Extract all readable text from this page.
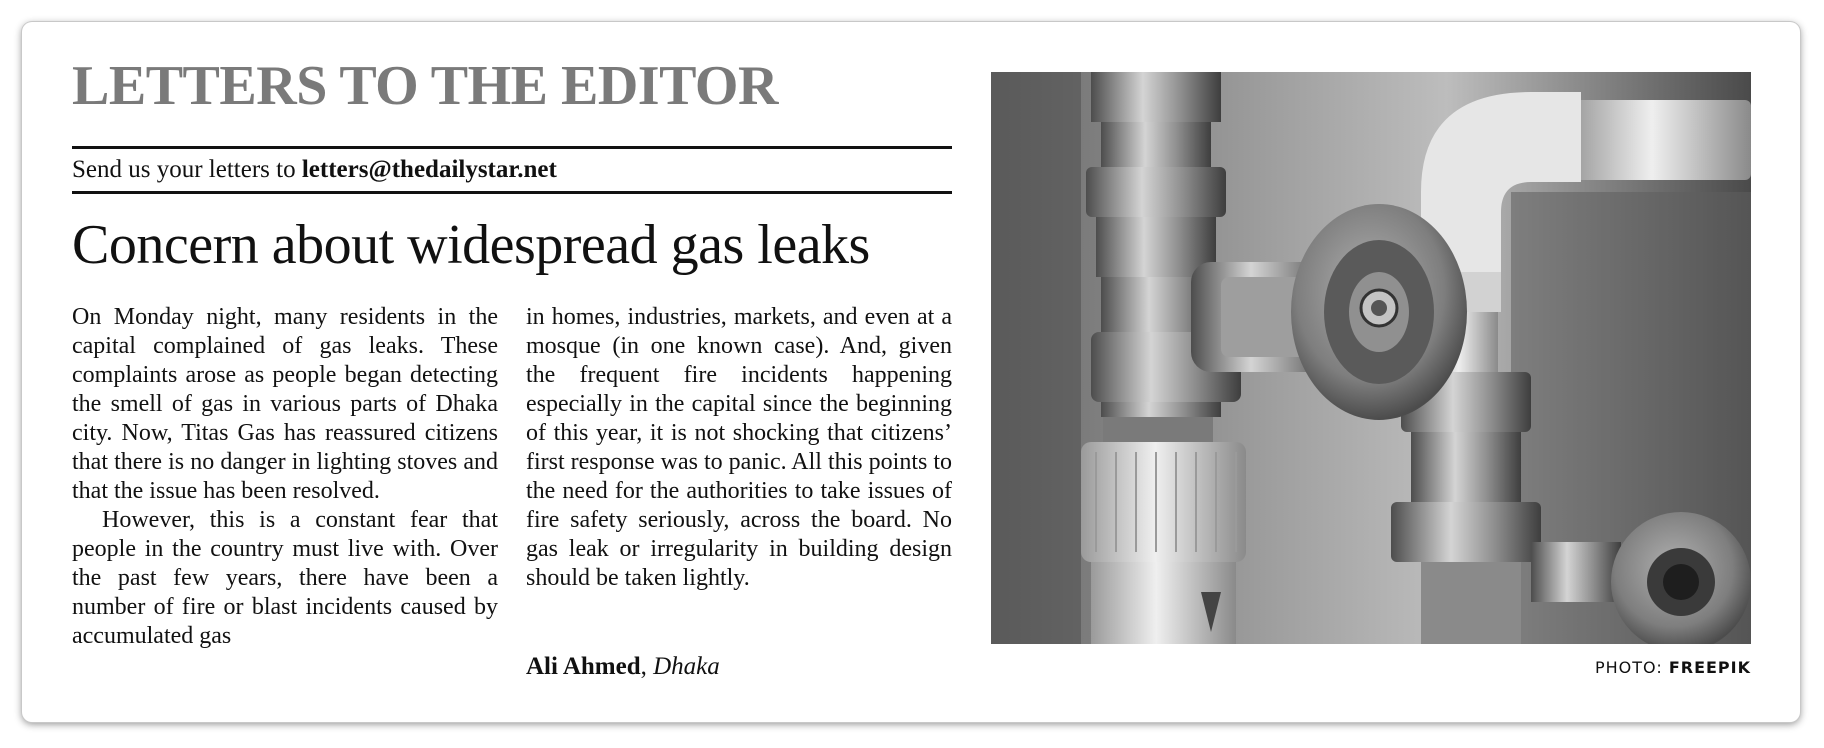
LETTERS TO THE EDITOR
Send us your letters to letters@thedailystar.net
Concern about widespread gas leaks

On Monday night, many residents in the capital complained of gas leaks. These complaints arose as people began detecting the smell of gas in various parts of Dhaka city. Now, Titas Gas has reassured citizens that there is no danger in lighting stoves and that the issue has been resolved.

However, this is a constant fear that people in the country must live with. Over the past few years, there have been a number of fire or blast incidents caused by accumulated gas

in homes, industries, markets, and even at a mosque (in one known case). And, given the frequent fire incidents happening especially in the capital since the beginning of this year, it is not shocking that citizens’ first response was to panic. All this points to the need for the authorities to take issues of fire safety seriously, across the board. No gas leak or irregularity in building design should be taken lightly.

Ali Ahmed, Dhaka	PHOTO: FREEPIK
